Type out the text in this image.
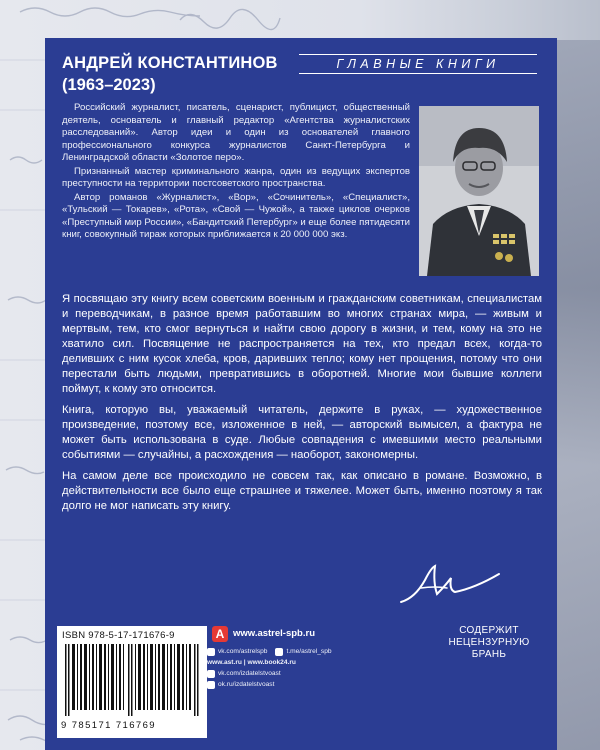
АНДРЕЙ КОНСТАНТИНОВ
(1963–2023)
ГЛАВНЫЕ КНИГИ

Российский журналист, писатель, сценарист, публицист, общественный деятель, основатель и главный редактор «Агентства журналистских расследований». Автор идеи и один из основателей главного профессионального конкурса журналистов Санкт-Петербурга и Ленинградской области «Золотое перо».

Признанный мастер криминального жанра, один из ведущих экспертов преступности на территории постсоветского пространства.

Автор романов «Журналист», «Вор», «Сочинитель», «Специалист», «Тульский — Токарев», «Рота», «Свой — Чужой», а также циклов очерков «Преступный мир России», «Бандитский Петербург» и еще более пятидесяти книг, совокупный тираж которых приближается к 20 000 000 экз.

Я посвящаю эту книгу всем советским военным и гражданским советникам, специалистам и переводчикам, в разное время работавшим во многих странах мира, — живым и мертвым, тем, кто смог вернуться и найти свою дорогу в жизни, и тем, кому на это не хватило сил. Посвящение не распространяется на тех, кто предал всех, когда-то деливших с ним кусок хлеба, кров, даривших тепло; кому нет прощения, потому что они перестали быть людьми, превратившись в оборотней. Многие мои бывшие коллеги поймут, к кому это относится.

Книга, которую вы, уважаемый читатель, держите в руках, — художественное произведение, поэтому все, изложенное в ней, — авторский вымысел, а фактура не может быть использована в суде. Любые совпадения с имевшими место реальными событиями — случайны, а расхождения — наоборот, закономерны.

На самом деле все происходило не совсем так, как описано в романе. Возможно, в действительности все было еще страшнее и тяжелее. Может быть, именно поэтому я так долго не мог написать эту книгу.

ISBN 978-5-17-171676-9
9 785171 716769
А www.astrel-spb.ru
vk.com/astrelspb	t.me/astrel_spb
www.ast.ru | www.book24.ru
vk.com/izdatelstvoast
ok.ru/izdatelstvoast
СОДЕРЖИТ
НЕЦЕНЗУРНУЮ
БРАНЬ
